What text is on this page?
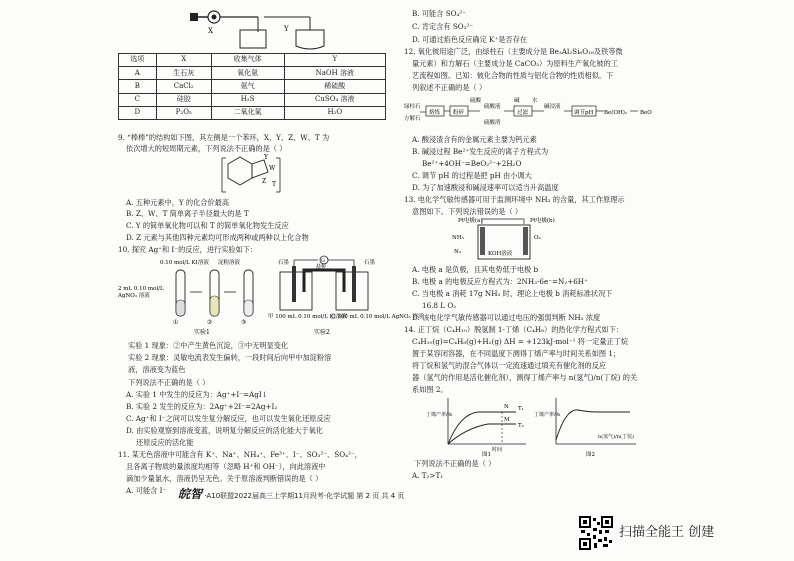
X	Y
选项	X	收集气体	Y
A	生石灰	氧化氨	NaOH 溶液
B	CaCl₂	氨气	稀硫酸
C	硅胶	H₂S	CuSO₄ 溶液
D	P₂O₅	二氧化氮	H₂O
9. “棒棒”的结构如下图，其左侧是一个苯环，X、Y、Z、W、T 为
依次增大的短周期元素，下列说法不正确的是（ ）
Y
W
Z T
A. 五种元素中，Y 的化合价最高
B. Z、W、T 简单离子半径最大的是 T
C. Y 的简单氧化物可以和 T 的简单氧化物发生反应
D. Z 元素与其他四种元素均可形成两种或两种以上化合物
10. 探究 Ag⁺和 I⁻的反应，进行实验如下：
0.10 mol/L KI溶液 淀粉溶液
2 mL 0.10 mol/L
AgNO₃ 溶液
①	②	③
实验1
石墨	石墨
G
盐桥
甲 100 mL 0.10 mol/L KI溶液
乙 100 mL 0.10 mol/L AgNO₃ 溶液
实验2
实验 1 现象：②中产生黄色沉淀，③中无明显变化
实验 2 现象：灵敏电流表发生偏转，一段时间后向甲中加淀粉溶
液，溶液变为蓝色
下列说法不正确的是（ ）
A. 实验 1 中发生的反应为：Ag⁺+I⁻=AgI↓
B. 实验 2 发生的反应为：2Ag⁺+2I⁻=2Ag+I₂
C. Ag⁺和 I⁻之间可以发生复分解反应，也可以发生氧化还原反应
D. 由实验观察到溶液变蓝，说明复分解反应的活化能大于氧化
还原反应的活化能
11. 某无色溶液中可能含有 K⁺、Na⁺、NH₄⁺、Fe³⁺、I⁻、SO₃²⁻、SO₄²⁻，
且各离子物质的量浓度均相等（忽略 H⁺和 OH⁻），向此溶液中
滴加少量氯水，溶液仍呈无色。关于原溶液判断错误的是（ ）
B. 可能含 SO₄²⁻
C. 肯定含有 SO₃²⁻
D. 可通过焰色反应确定 K⁺是否存在
12. 氧化铍用途广泛，由绿柱石（主要成分是 Be₃Al₂Si₆O₁₈及铁等微
量元素）和方解石（主要成分是 CaCO₃）为原料生产氧化铍的工
艺流程如图。已知：铍化合物的性质与铝化合物的性质相似。下
列叙述不正确的是（ ）
绿柱石
方解石
熔炼 粉碎
硫酸
硫酸液
硫酸渣
碱 水
过滤
碱浸液
调节pH Be(OH)₂ BeO
A. 酸浸渣含有的金属元素主要为钙元素
B. 碱浸过程 Be²⁺发生反应的离子方程式为
Be²⁺+4OH⁻=BeO₂²⁻+2H₂O
C. 调节 pH 的过程是把 pH 由小调大
D. 为了加速酸浸和碱浸速率可以适当升高温度
13. 电化学气敏传感器可用于监测环境中 NH₃ 的含量，其工作原理示
意图如下。下列说法错误的是（ ）
Pt电极(a)	Pt电极(b)
NH₃
N₂
O₂
KOH溶液
A. 电极 a 是负极，且其电势低于电极 b
B. 电极 a 的电极反应方程式为：2NH₃-6e⁻=N₂+6H⁺
C. 当电极 a 消耗 17g NH₃ 时，理论上电极 b 消耗标准状况下
16.8 L O₂
D. 该电化学气敏传感器可以通过电压的强弱判断 NH₃ 浓度
14. 正丁烷（C₄H₁₀）脱氢制 1-丁烯（C₄H₈）的热化学方程式如下：
C₄H₁₀(g)=C₄H₈(g)+H₂(g) ΔH = +123kJ·mol⁻¹ 将一定量正丁烷
置于某容闭容器，在不同温度下测得丁烯产率与时间关系如图 1；
将丁烷和氢气的混合气体以一定流速通过填充有催化剂的反应
器（氢气的作用是活化催化剂），测得丁烯产率与 n(氢气)/n(丁烷) 的关
系如图 2。
丁烯产率/%
T₁
T₂
N
M
时间
图1
丁烯产率/%
n(氢气)/n(丁烷)
图2
下列说法不正确的是（ ）
A. T₂>T₁
A. 可能含 I⁻ 皖智 ·A10联盟2022届高三上学期11月段考·化学试题 第 2 页 共 4 页
扫描全能王 创建
